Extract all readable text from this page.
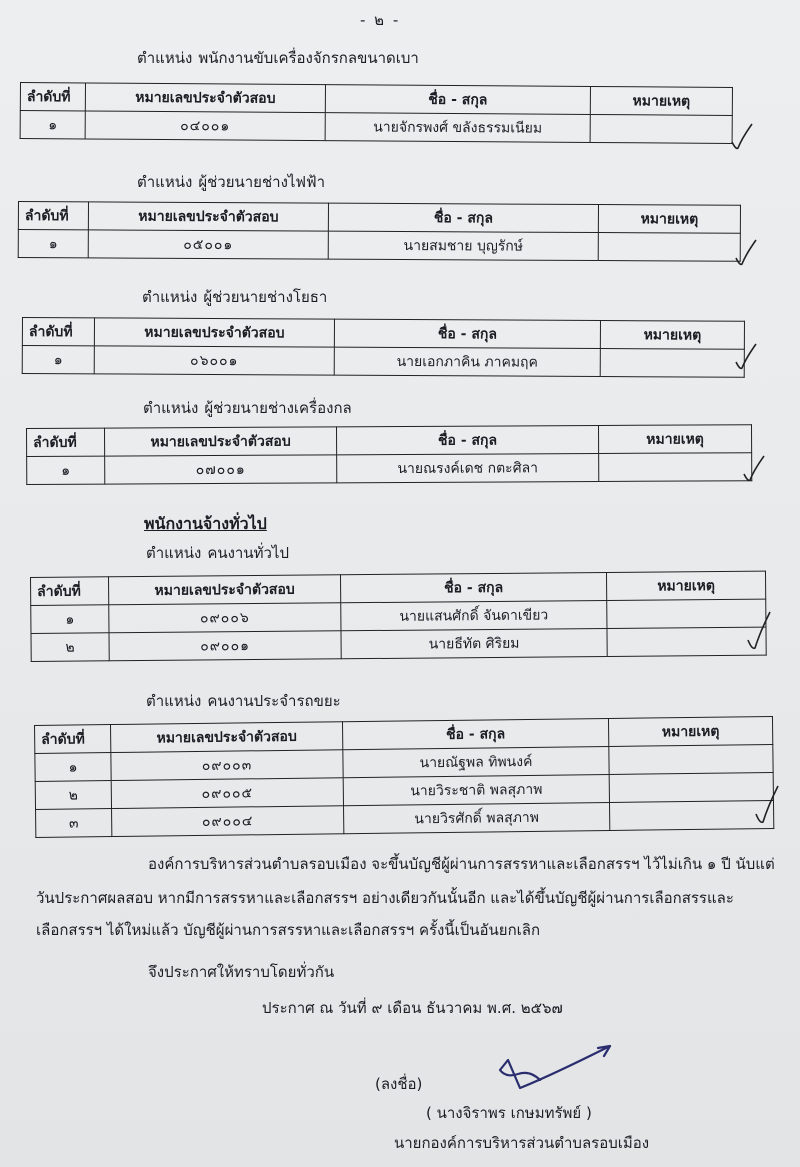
- ๒ -
ตำแหน่ง พนักงานขับเครื่องจักรกลขนาดเบา
ลำดับที่	หมายเลขประจำตัวสอบ	ชื่อ - สกุล	หมายเหตุ
๑	๐๔๐๐๑	นายจักรพงศ์ ขลังธรรมเนียม	
ตำแหน่ง ผู้ช่วยนายช่างไฟฟ้า
ลำดับที่	หมายเลขประจำตัวสอบ	ชื่อ - สกุล	หมายเหตุ
๑	๐๕๐๐๑	นายสมชาย บุญรักษ์	
ตำแหน่ง ผู้ช่วยนายช่างโยธา
ลำดับที่	หมายเลขประจำตัวสอบ	ชื่อ - สกุล	หมายเหตุ
๑	๐๖๐๐๑	นายเอกภาคิน ภาคมฤค	
ตำแหน่ง ผู้ช่วยนายช่างเครื่องกล
ลำดับที่	หมายเลขประจำตัวสอบ	ชื่อ - สกุล	หมายเหตุ
๑	๐๗๐๐๑	นายณรงค์เดช กตะศิลา	
พนักงานจ้างทั่วไป
ตำแหน่ง คนงานทั่วไป
ลำดับที่	หมายเลขประจำตัวสอบ	ชื่อ - สกุล	หมายเหตุ
๑	๐๙๐๐๖	นายแสนศักดิ์ จันดาเขียว	
๒	๐๙๐๐๑	นายธีทัต ศิริยม	
ตำแหน่ง คนงานประจำรถขยะ
ลำดับที่	หมายเลขประจำตัวสอบ	ชื่อ - สกุล	หมายเหตุ
๑	๐๙๐๐๓	นายณัฐพล ทิพนงค์	
๒	๐๙๐๐๕	นายวิระชาติ พลสุภาพ	
๓	๐๙๐๐๔	นายวิรศักดิ์ พลสุภาพ	
องค์การบริหารส่วนตำบลรอบเมือง จะขึ้นบัญชีผู้ผ่านการสรรหาและเลือกสรรฯ ไว้ไม่เกิน ๑ ปี นับแต่
วันประกาศผลสอบ หากมีการสรรหาและเลือกสรรฯ อย่างเดียวกันนั้นอีก และได้ขึ้นบัญชีผู้ผ่านการเลือกสรรและ
เลือกสรรฯ ได้ใหม่แล้ว บัญชีผู้ผ่านการสรรหาและเลือกสรรฯ ครั้งนี้เป็นอันยกเลิก
จึงประกาศให้ทราบโดยทั่วกัน
ประกาศ ณ วันที่ ๙ เดือน ธันวาคม พ.ศ. ๒๕๖๗
(ลงชื่อ)
( นางจิราพร เกษมทรัพย์ )
นายกองค์การบริหารส่วนตำบลรอบเมือง
